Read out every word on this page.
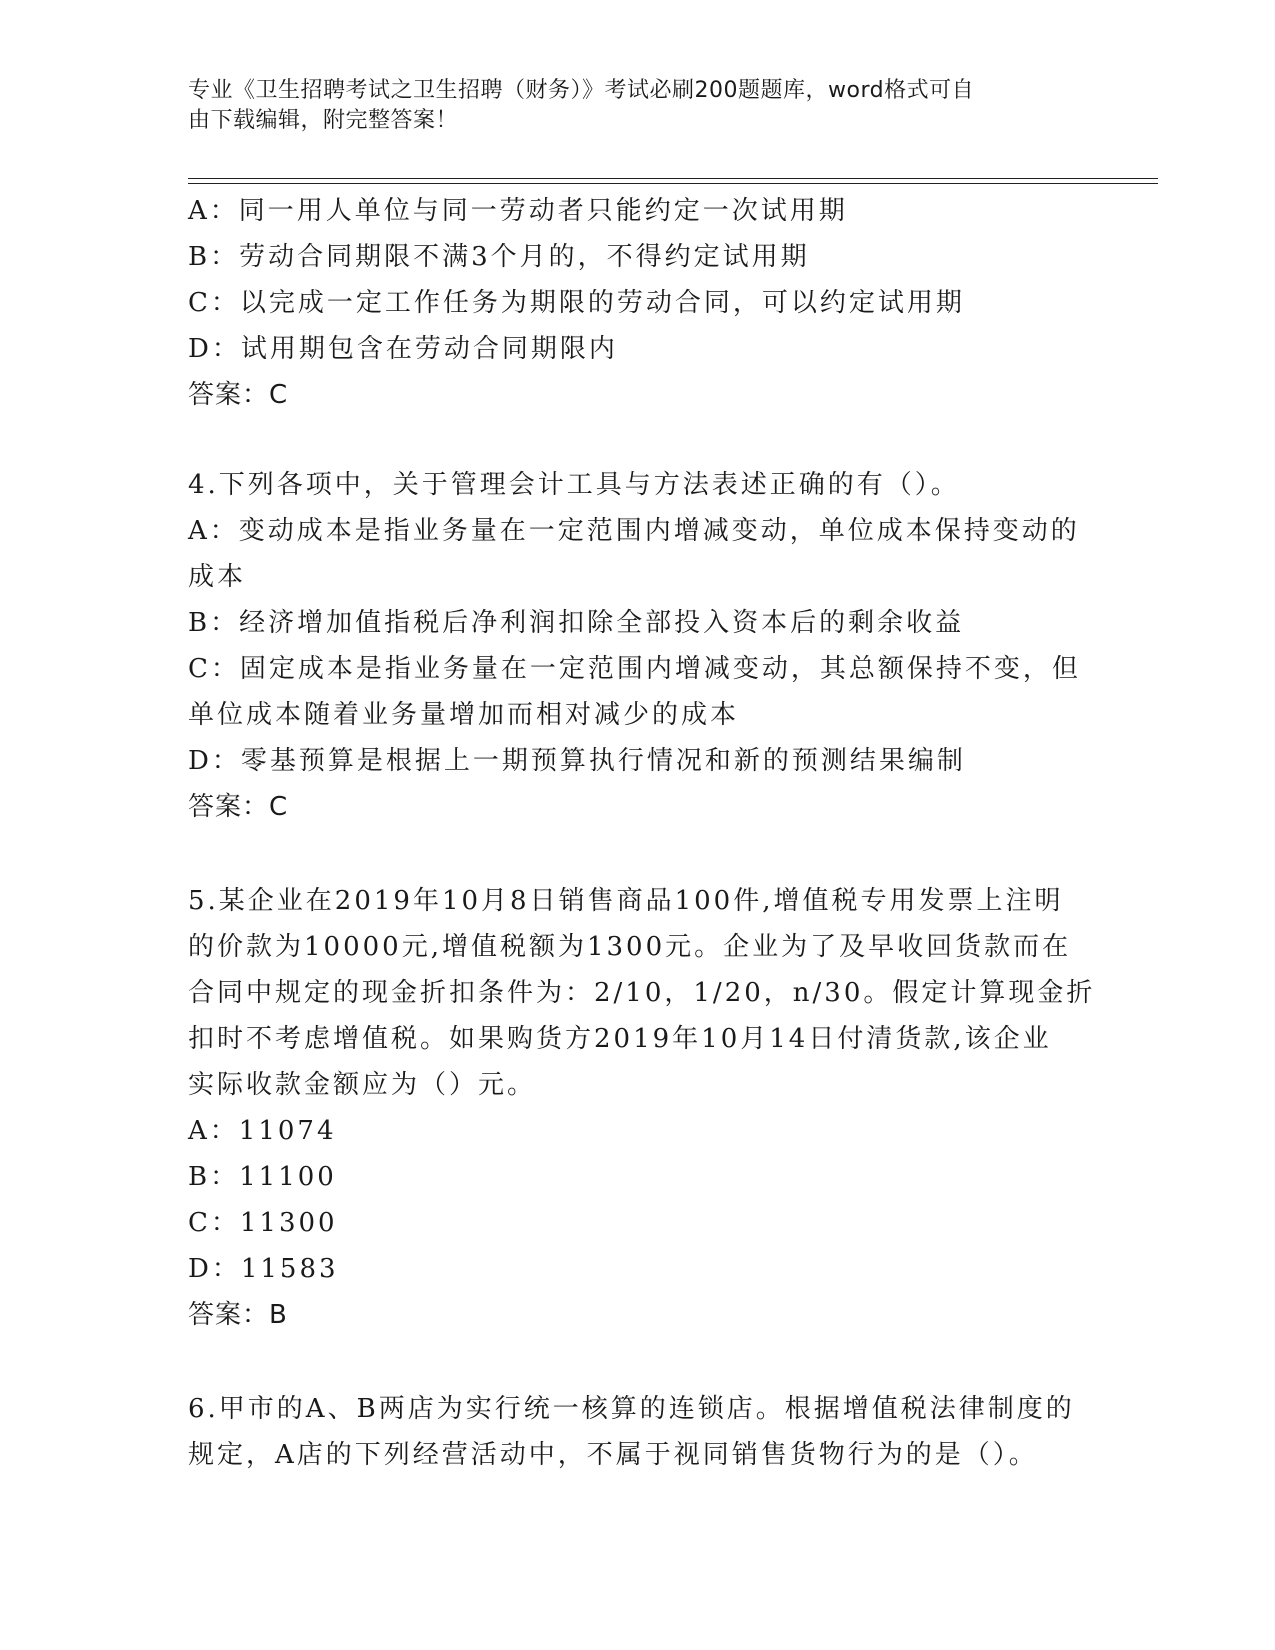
专业《卫生招聘考试之卫生招聘（财务）》考试必刷200题题库，word格式可自
由下载编辑，附完整答案！
A：同一用人单位与同一劳动者只能约定一次试用期
B：劳动合同期限不满3个月的，不得约定试用期
C：以完成一定工作任务为期限的劳动合同，可以约定试用期
D：试用期包含在劳动合同期限内
答案：C
4.下列各项中，关于管理会计工具与方法表述正确的有（）。
A：变动成本是指业务量在一定范围内增减变动，单位成本保持变动的
成本
B：经济增加值指税后净利润扣除全部投入资本后的剩余收益
C：固定成本是指业务量在一定范围内增减变动，其总额保持不变，但
单位成本随着业务量增加而相对减少的成本
D：零基预算是根据上一期预算执行情况和新的预测结果编制
答案：C
5.某企业在2019年10月8日销售商品100件,增值税专用发票上注明
的价款为10000元,增值税额为1300元。企业为了及早收回货款而在
合同中规定的现金折扣条件为：2/10，1/20，n/30。假定计算现金折
扣时不考虑增值税。如果购货方2019年10月14日付清货款,该企业
实际收款金额应为（）元。
A：11074
B：11100
C：11300
D：11583
答案：B
6.甲市的A、B两店为实行统一核算的连锁店。根据增值税法律制度的
规定，A店的下列经营活动中，不属于视同销售货物行为的是（）。
